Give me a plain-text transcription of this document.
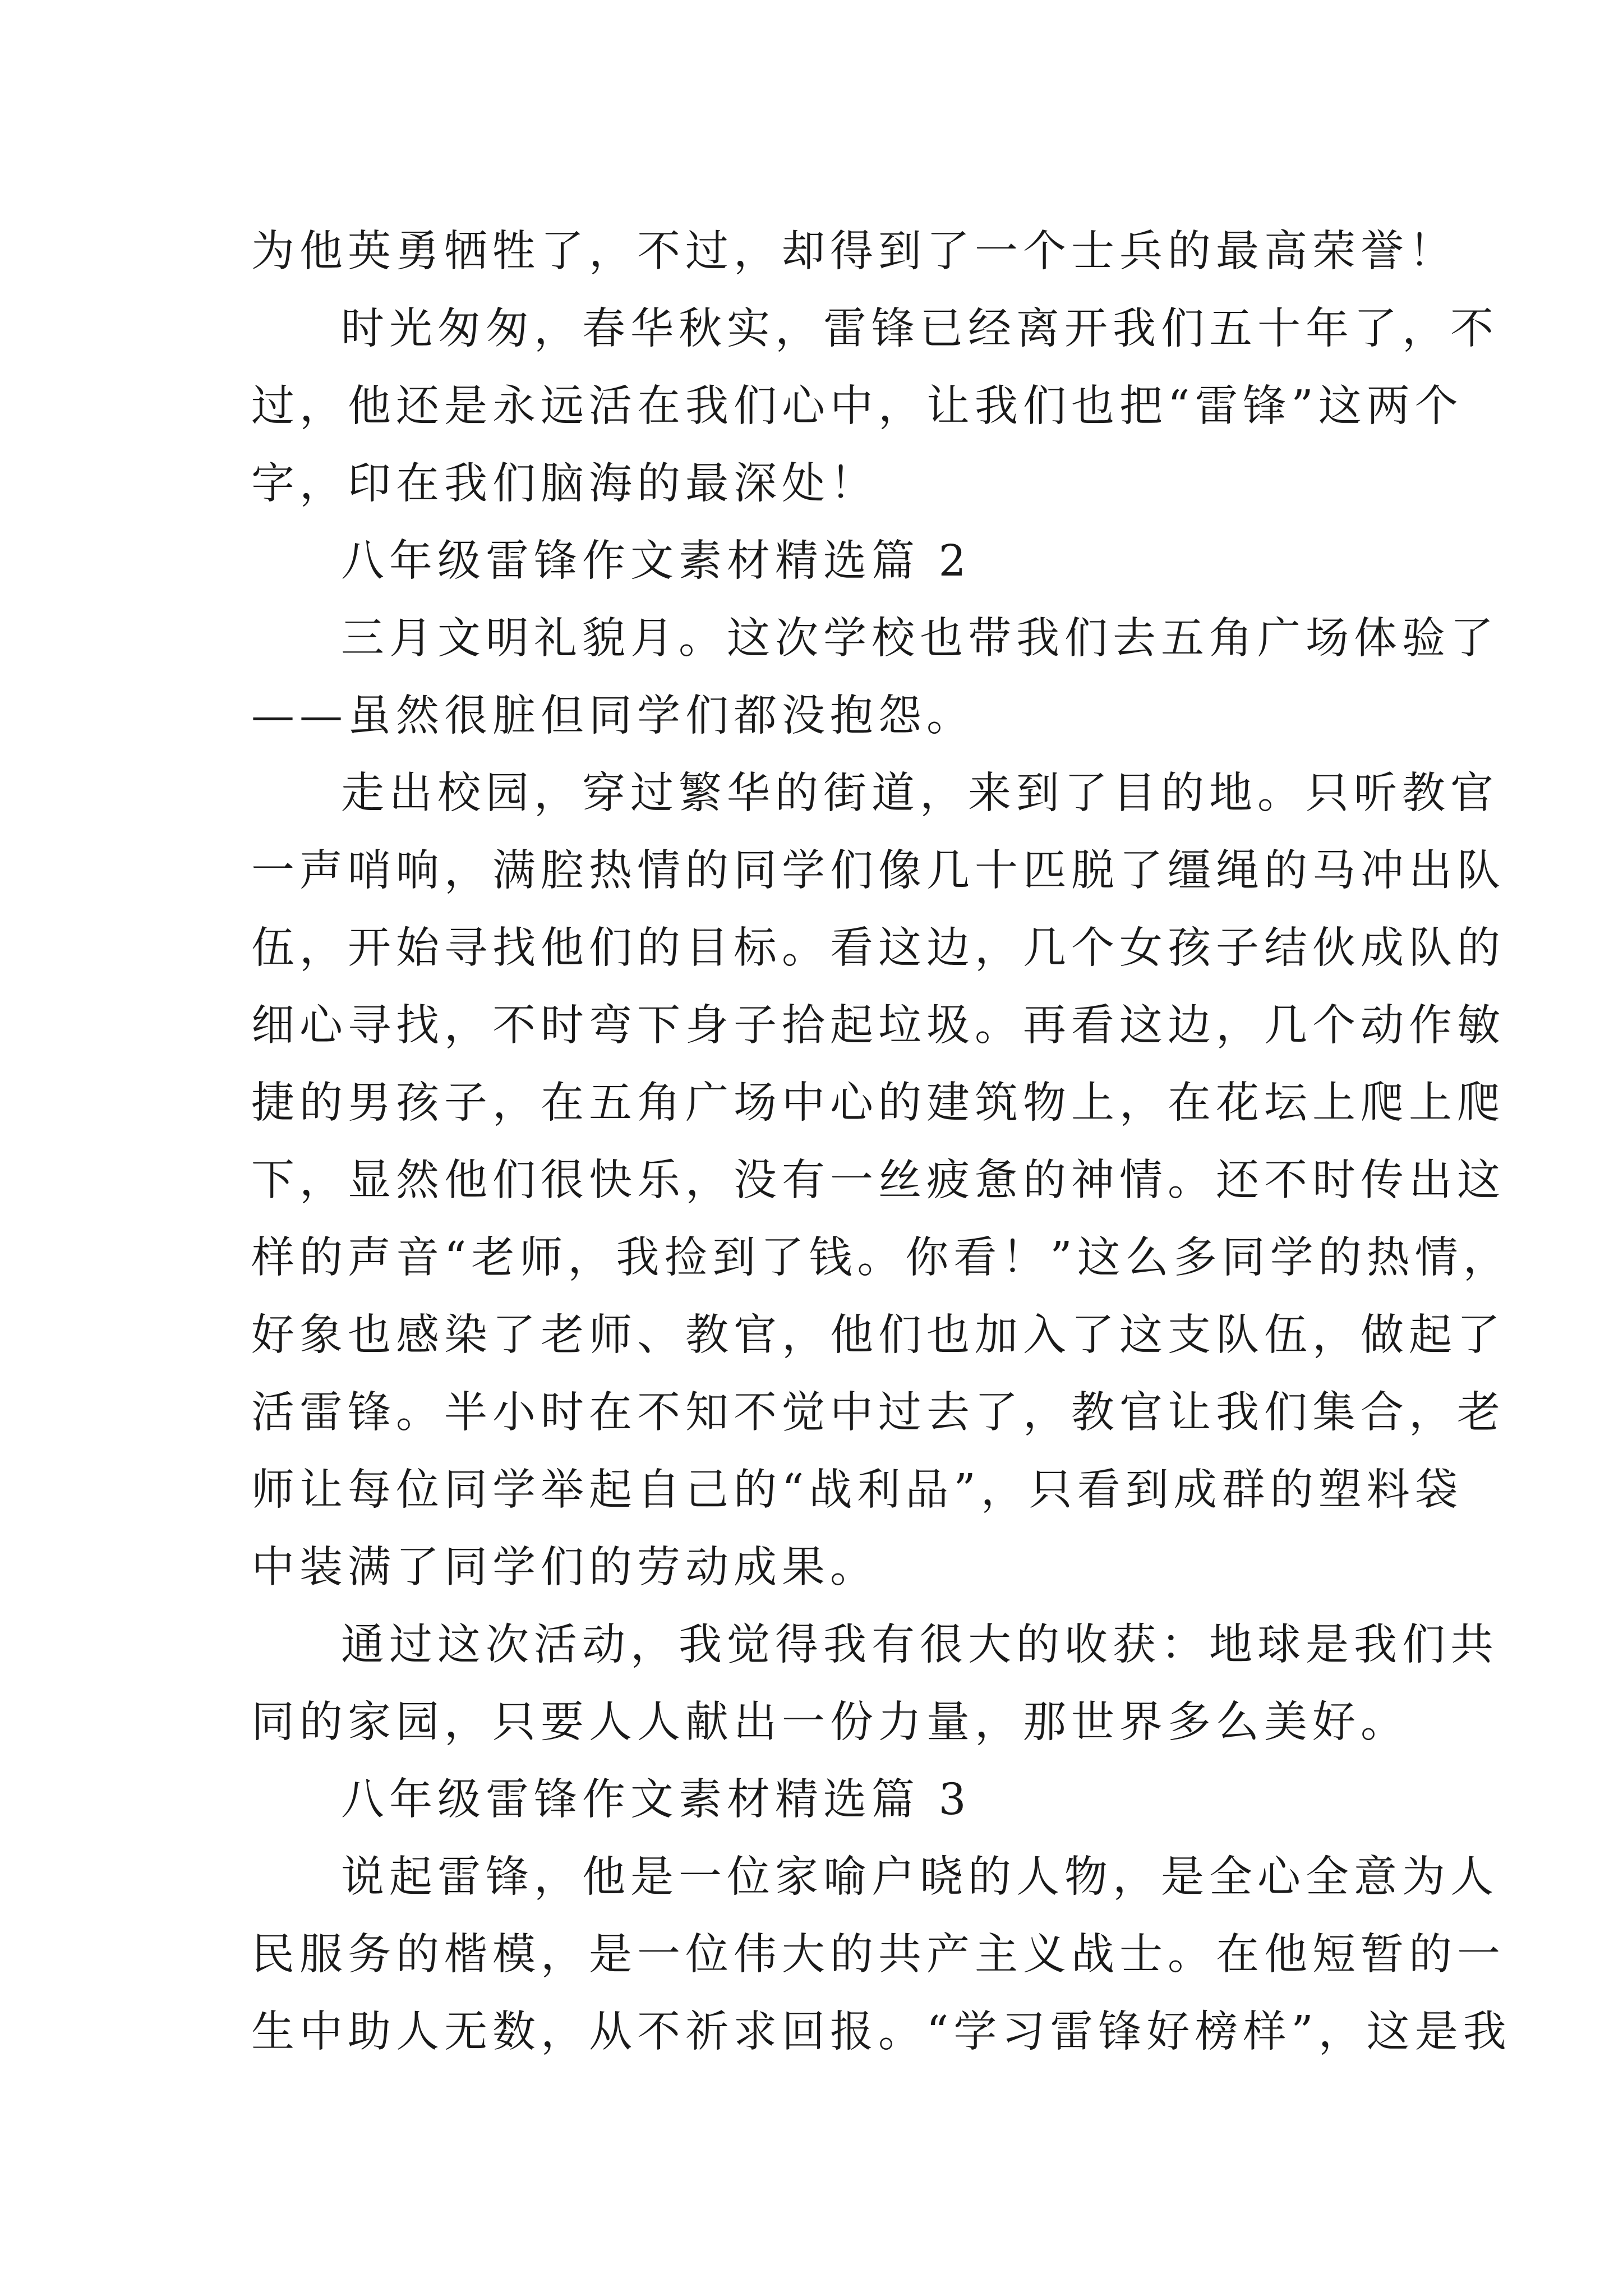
为他英勇牺牲了，不过，却得到了一个士兵的最高荣誉！
时光匆匆，春华秋实，雷锋已经离开我们五十年了，不
过，他还是永远活在我们心中，让我们也把“雷锋”这两个
字，印在我们脑海的最深处！
八年级雷锋作文素材精选篇 2
三月文明礼貌月。这次学校也带我们去五角广场体验了
——虽然很脏但同学们都没抱怨。
走出校园，穿过繁华的街道，来到了目的地。只听教官
一声哨响，满腔热情的同学们像几十匹脱了缰绳的马冲出队
伍，开始寻找他们的目标。看这边，几个女孩子结伙成队的
细心寻找，不时弯下身子拾起垃圾。再看这边，几个动作敏
捷的男孩子，在五角广场中心的建筑物上，在花坛上爬上爬
下，显然他们很快乐，没有一丝疲惫的神情。还不时传出这
样的声音“老师，我捡到了钱。你看！”这么多同学的热情，
好象也感染了老师、教官，他们也加入了这支队伍，做起了
活雷锋。半小时在不知不觉中过去了，教官让我们集合，老
师让每位同学举起自己的“战利品”，只看到成群的塑料袋
中装满了同学们的劳动成果。
通过这次活动，我觉得我有很大的收获：地球是我们共
同的家园，只要人人献出一份力量，那世界多么美好。
八年级雷锋作文素材精选篇 3
说起雷锋，他是一位家喻户晓的人物，是全心全意为人
民服务的楷模，是一位伟大的共产主义战士。在他短暂的一
生中助人无数，从不祈求回报。“学习雷锋好榜样”，这是我
